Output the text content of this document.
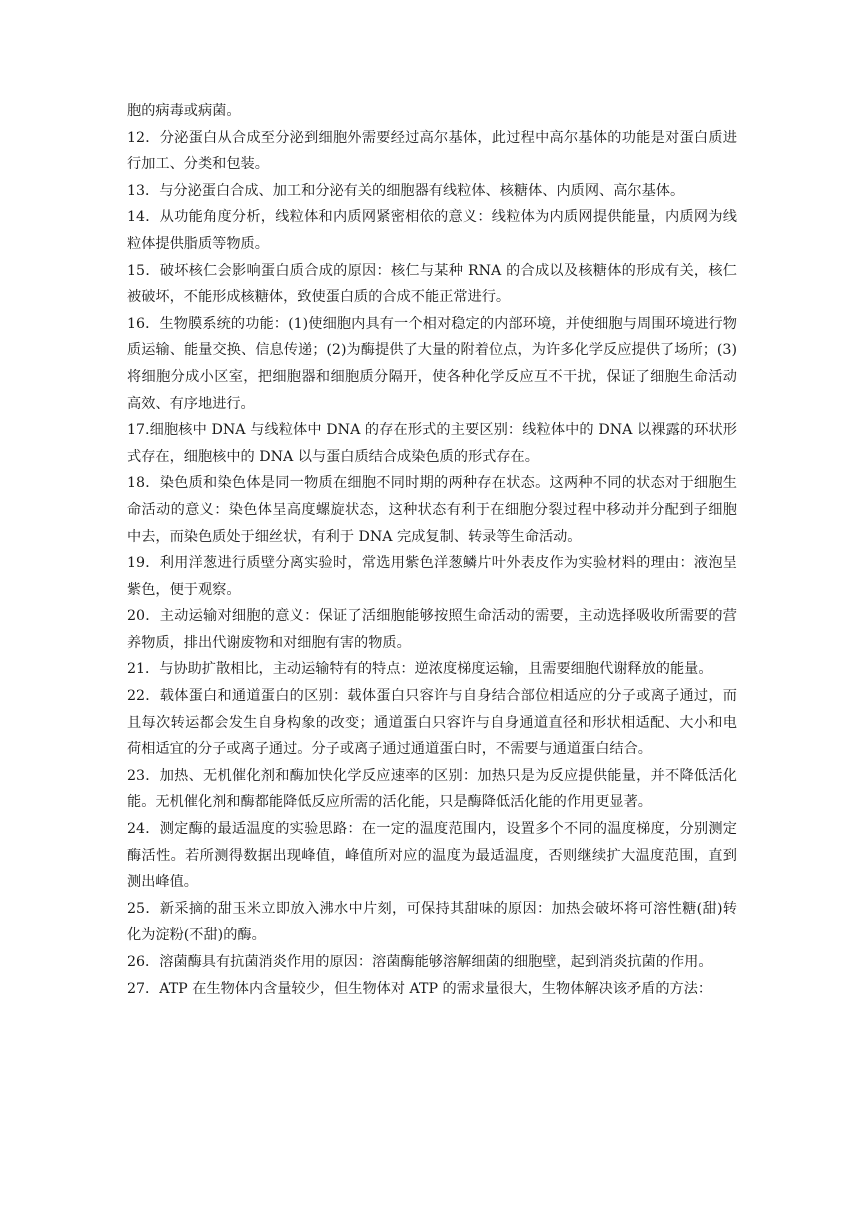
胞的病毒或病菌。

12．分泌蛋白从合成至分泌到细胞外需要经过高尔基体，此过程中高尔基体的功能是对蛋白质进行加工、分类和包装。

13．与分泌蛋白合成、加工和分泌有关的细胞器有线粒体、核糖体、内质网、高尔基体。

14．从功能角度分析，线粒体和内质网紧密相依的意义：线粒体为内质网提供能量，内质网为线粒体提供脂质等物质。

15．破坏核仁会影响蛋白质合成的原因：核仁与某种 RNA 的合成以及核糖体的形成有关，核仁被破坏，不能形成核糖体，致使蛋白质的合成不能正常进行。

16．生物膜系统的功能：(1)使细胞内具有一个相对稳定的内部环境，并使细胞与周围环境进行物质运输、能量交换、信息传递；(2)为酶提供了大量的附着位点，为许多化学反应提供了场所；(3)将细胞分成小区室，把细胞器和细胞质分隔开，使各种化学反应互不干扰，保证了细胞生命活动高效、有序地进行。

17.细胞核中 DNA 与线粒体中 DNA 的存在形式的主要区别：线粒体中的 DNA 以裸露的环状形式存在，细胞核中的 DNA 以与蛋白质结合成染色质的形式存在。

18．染色质和染色体是同一物质在细胞不同时期的两种存在状态。这两种不同的状态对于细胞生命活动的意义：染色体呈高度螺旋状态，这种状态有利于在细胞分裂过程中移动并分配到子细胞中去，而染色质处于细丝状，有利于 DNA 完成复制、转录等生命活动。

19．利用洋葱进行质壁分离实验时，常选用紫色洋葱鳞片叶外表皮作为实验材料的理由：液泡呈紫色，便于观察。

20．主动运输对细胞的意义：保证了活细胞能够按照生命活动的需要，主动选择吸收所需要的营养物质，排出代谢废物和对细胞有害的物质。

21．与协助扩散相比，主动运输特有的特点：逆浓度梯度运输，且需要细胞代谢释放的能量。

22．载体蛋白和通道蛋白的区别：载体蛋白只容许与自身结合部位相适应的分子或离子通过，而且每次转运都会发生自身构象的改变；通道蛋白只容许与自身通道直径和形状相适配、大小和电荷相适宜的分子或离子通过。分子或离子通过通道蛋白时，不需要与通道蛋白结合。

23．加热、无机催化剂和酶加快化学反应速率的区别：加热只是为反应提供能量，并不降低活化能。无机催化剂和酶都能降低反应所需的活化能，只是酶降低活化能的作用更显著。

24．测定酶的最适温度的实验思路：在一定的温度范围内，设置多个不同的温度梯度，分别测定酶活性。若所测得数据出现峰值，峰值所对应的温度为最适温度，否则继续扩大温度范围，直到测出峰值。

25．新采摘的甜玉米立即放入沸水中片刻，可保持其甜味的原因：加热会破坏将可溶性糖(甜)转化为淀粉(不甜)的酶。

26．溶菌酶具有抗菌消炎作用的原因：溶菌酶能够溶解细菌的细胞壁，起到消炎抗菌的作用。

27．ATP 在生物体内含量较少，但生物体对 ATP 的需求量很大，生物体解决该矛盾的方法：
